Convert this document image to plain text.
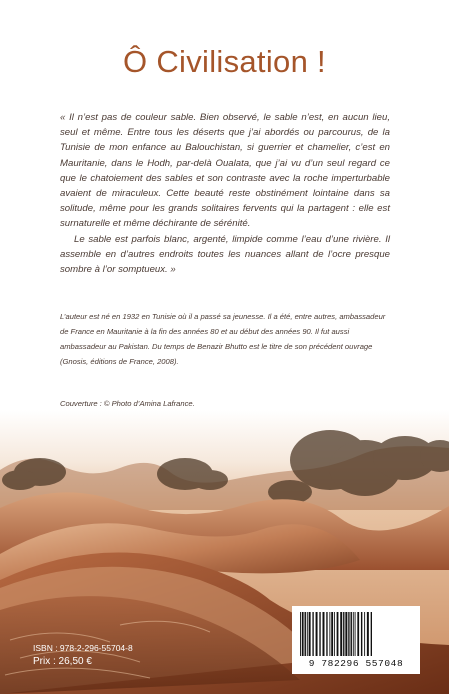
Ô Civilisation !

« Il n’est pas de couleur sable. Bien observé, le sable n’est, en aucun lieu, seul et même. Entre tous les déserts que j’ai abordés ou parcourus, de la Tunisie de mon enfance au Balouchistan, si guerrier et chamelier, c’est en Mauritanie, dans le Hodh, par-delà Oualata, que j’ai vu d’un seul regard ce que le chatoiement des sables et son contraste avec la roche imperturbable avaient de miraculeux. Cette beauté reste obstinément lointaine dans sa solitude, même pour les grands solitaires fervents qui la partagent : elle est surnaturelle et même déchirante de sérénité.

Le sable est parfois blanc, argenté, limpide comme l’eau d’une rivière. Il assemble en d’autres endroits toutes les nuances allant de l’ocre presque sombre à l’or somptueux. »

L’auteur est né en 1932 en Tunisie où il a passé sa jeunesse. Il a été, entre autres, ambassadeur de France en Mauritanie à la fin des années 80 et au début des années 90. Il fut aussi ambassadeur au Pakistan. Du temps de Benazir Bhutto est le titre de son précédent ouvrage (Gnosis, éditions de France, 2008).
Couverture : © Photo d’Amina Lafrance.
ISBN : 978-2-296-55704-8
Prix : 26,50 €	9 782296 557048
